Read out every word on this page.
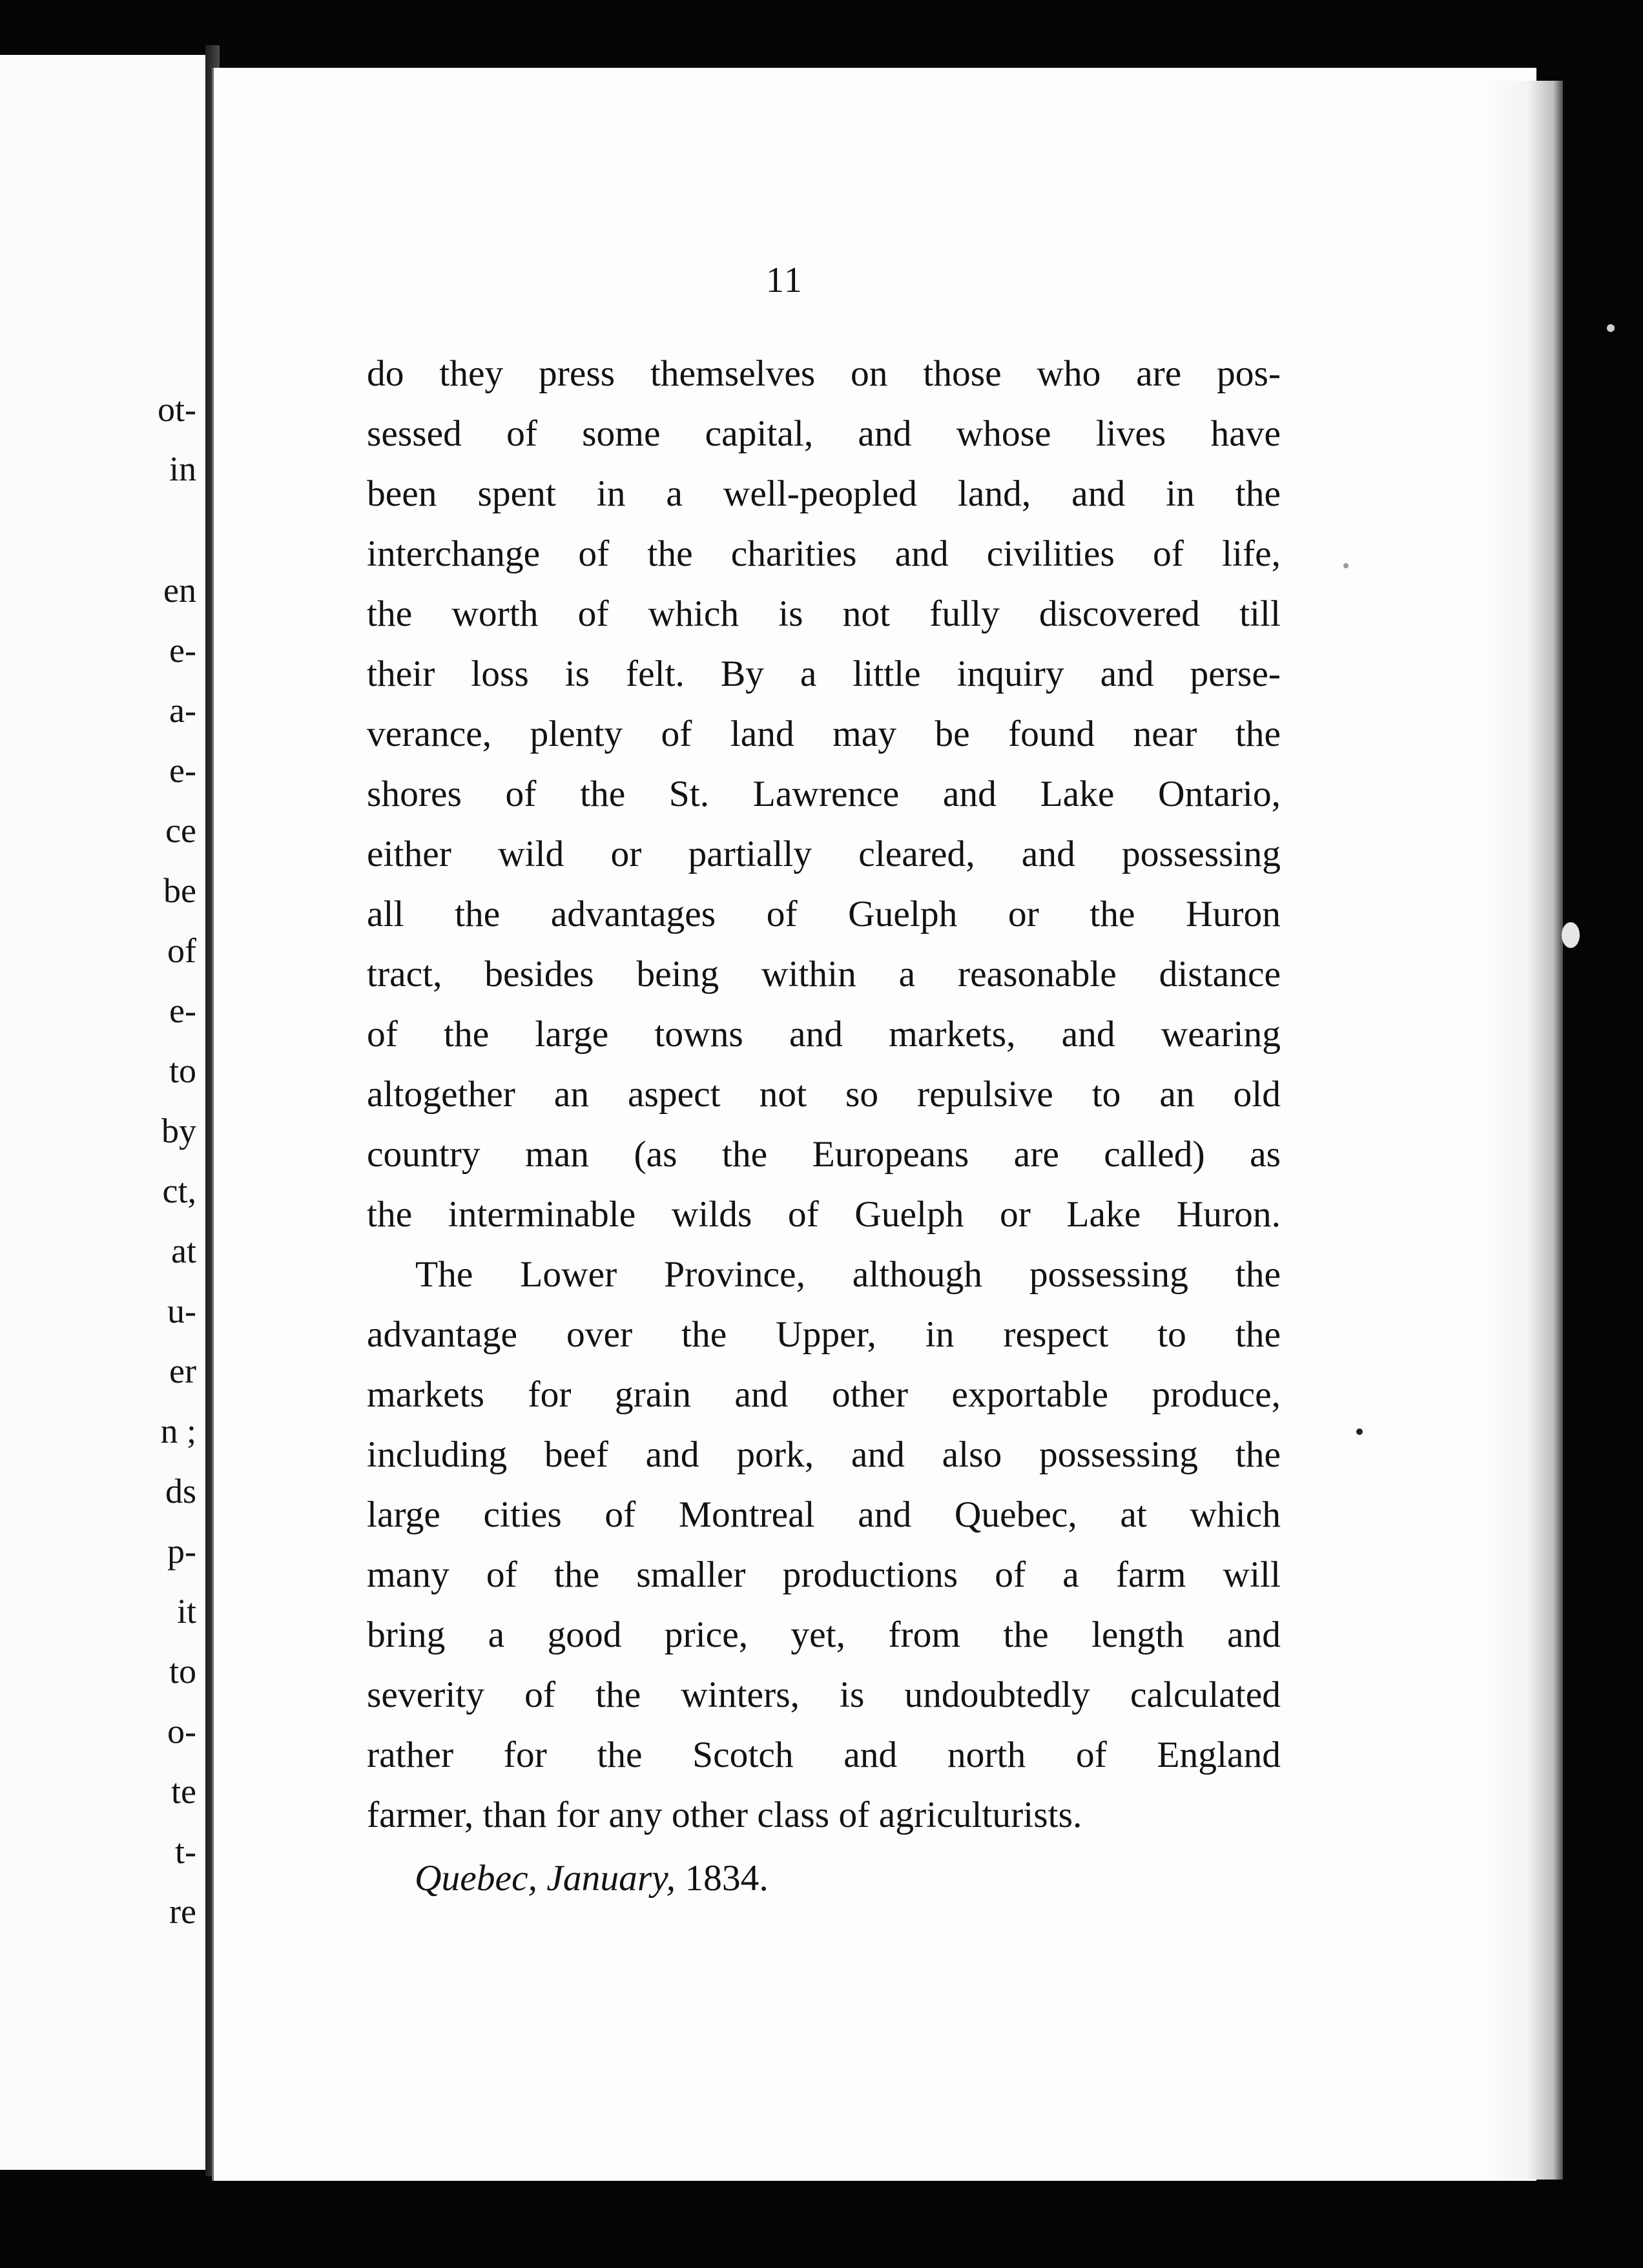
ot-
in
en
e-
a-
e-
ce
be
of
e-
to
by
ct,
at
u-
er
n ;
ds
p-
it
to
o-
te
t-
re
11
do they press themselves on those who are pos-
sessed of some capital, and whose lives have
been spent in a well-peopled land, and in the
interchange of the charities and civilities of life,
the worth of which is not fully discovered till
their loss is felt. By a little inquiry and perse-
verance, plenty of land may be found near the
shores of the St. Lawrence and Lake Ontario,
either wild or partially cleared, and possessing
all the advantages of Guelph or the Huron
tract, besides being within a reasonable distance
of the large towns and markets, and wearing
altogether an aspect not so repulsive to an old
country man (as the Europeans are called) as
the interminable wilds of Guelph or Lake Huron.
The Lower Province, although possessing the
advantage over the Upper, in respect to the
markets for grain and other exportable produce,
including beef and pork, and also possessing the
large cities of Montreal and Quebec, at which
many of the smaller productions of a farm will
bring a good price, yet, from the length and
severity of the winters, is undoubtedly calculated
rather for the Scotch and north of England
farmer, than for any other class of agriculturists.
Quebec, January, 1834.
